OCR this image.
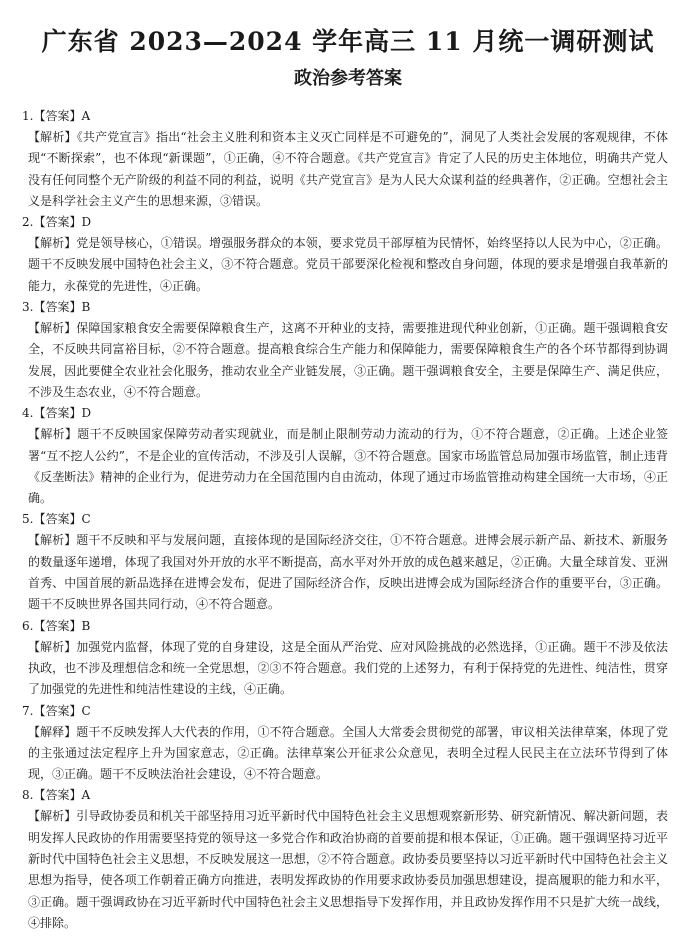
广东省 2023—2024 学年高三 11 月统一调研测试
政治参考答案
1.【答案】A

【解析】《共产党宣言》指出“社会主义胜利和资本主义灭亡同样是不可避免的”，洞见了人类社会发展的客观规律，不体现“不断探索”，也不体现“新课题”，①正确，④不符合题意。《共产党宣言》肯定了人民的历史主体地位，明确共产党人没有任何同整个无产阶级的利益不同的利益，说明《共产党宣言》是为人民大众谋利益的经典著作，②正确。空想社会主义是科学社会主义产生的思想来源，③错误。

2.【答案】D

【解析】党是领导核心，①错误。增强服务群众的本领，要求党员干部厚植为民情怀，始终坚持以人民为中心，②正确。题干不反映发展中国特色社会主义，③不符合题意。党员干部要深化检视和整改自身问题，体现的要求是增强自我革新的能力，永葆党的先进性，④正确。

3.【答案】B

【解析】保障国家粮食安全需要保障粮食生产，这离不开种业的支持，需要推进现代种业创新，①正确。题干强调粮食安全，不反映共同富裕目标，②不符合题意。提高粮食综合生产能力和保障能力，需要保障粮食生产的各个环节都得到协调发展，因此要健全农业社会化服务，推动农业全产业链发展，③正确。题干强调粮食安全，主要是保障生产、满足供应，不涉及生态农业，④不符合题意。

4.【答案】D

【解析】题干不反映国家保障劳动者实现就业，而是制止限制劳动力流动的行为，①不符合题意，②正确。上述企业签署“互不挖人公约”，不是企业的宣传活动，不涉及引人误解，③不符合题意。国家市场监管总局加强市场监管，制止违背《反垄断法》精神的企业行为，促进劳动力在全国范围内自由流动，体现了通过市场监管推动构建全国统一大市场，④正确。

5.【答案】C

【解析】题干不反映和平与发展问题，直接体现的是国际经济交往，①不符合题意。进博会展示新产品、新技术、新服务的数量逐年递增，体现了我国对外开放的水平不断提高，高水平对外开放的成色越来越足，②正确。大量全球首发、亚洲首秀、中国首展的新品选择在进博会发布，促进了国际经济合作，反映出进博会成为国际经济合作的重要平台，③正确。题干不反映世界各国共同行动，④不符合题意。

6.【答案】B

【解析】加强党内监督，体现了党的自身建设，这是全面从严治党、应对风险挑战的必然选择，①正确。题干不涉及依法执政，也不涉及理想信念和统一全党思想，②③不符合题意。我们党的上述努力，有利于保持党的先进性、纯洁性，贯穿了加强党的先进性和纯洁性建设的主线，④正确。

7.【答案】C

【解释】题干不反映发挥人大代表的作用，①不符合题意。全国人大常委会贯彻党的部署，审议相关法律草案，体现了党的主张通过法定程序上升为国家意志，②正确。法律草案公开征求公众意见，表明全过程人民民主在立法环节得到了体现，③正确。题干不反映法治社会建设，④不符合题意。

8.【答案】A

【解析】引导政协委员和机关干部坚持用习近平新时代中国特色社会主义思想观察新形势、研究新情况、解决新问题，表明发挥人民政协的作用需要坚持党的领导这一多党合作和政治协商的首要前提和根本保证，①正确。题干强调坚持习近平新时代中国特色社会主义思想，不反映发展这一思想，②不符合题意。政协委员要坚持以习近平新时代中国特色社会主义思想为指导，使各项工作朝着正确方向推进，表明发挥政协的作用要求政协委员加强思想建设，提高履职的能力和水平，③正确。题干强调政协在习近平新时代中国特色社会主义思想指导下发挥作用，并且政协发挥作用不只是扩大统一战线，④排除。
